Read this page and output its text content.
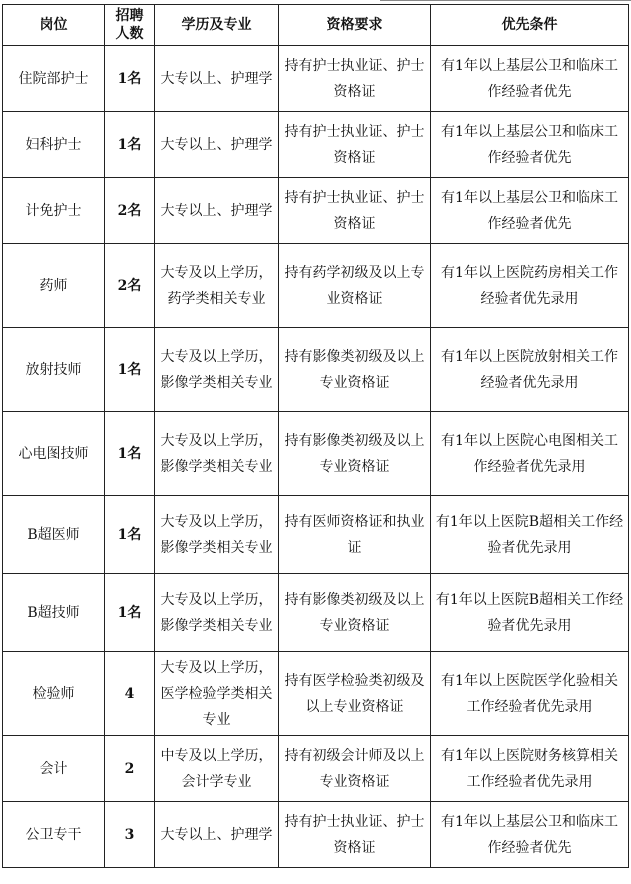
岗位	招聘人数	学历及专业	资格要求	优先条件
住院部护士	1名	大专以上、护理学	持有护士执业证、护士资格证	有1年以上基层公卫和临床工作经验者优先
妇科护士	1名	大专以上、护理学	持有护士执业证、护士资格证	有1年以上基层公卫和临床工作经验者优先
计免护士	2名	大专以上、护理学	持有护士执业证、护士资格证	有1年以上基层公卫和临床工作经验者优先
药师	2名	大专及以上学历，药学类相关专业	持有药学初级及以上专业资格证	有1年以上医院药房相关工作经验者优先录用
放射技师	1名	大专及以上学历，影像学类相关专业	持有影像类初级及以上专业资格证	有1年以上医院放射相关工作经验者优先录用
心电图技师	1名	大专及以上学历，影像学类相关专业	持有影像类初级及以上专业资格证	有1年以上医院心电图相关工作经验者优先录用
B超医师	1名	大专及以上学历，影像学类相关专业	持有医师资格证和执业证	有1年以上医院B超相关工作经验者优先录用
B超技师	1名	大专及以上学历，影像学类相关专业	持有影像类初级及以上专业资格证	有1年以上医院B超相关工作经验者优先录用
检验师	4	大专及以上学历，医学检验学类相关专业	持有医学检验类初级及以上专业资格证	有1年以上医院医学化验相关工作经验者优先录用
会计	2	中专及以上学历，会计学专业	持有初级会计师及以上专业资格证	有1年以上医院财务核算相关工作经验者优先录用
公卫专干	3	大专以上、护理学	持有护士执业证、护士资格证	有1年以上基层公卫和临床工作经验者优先
